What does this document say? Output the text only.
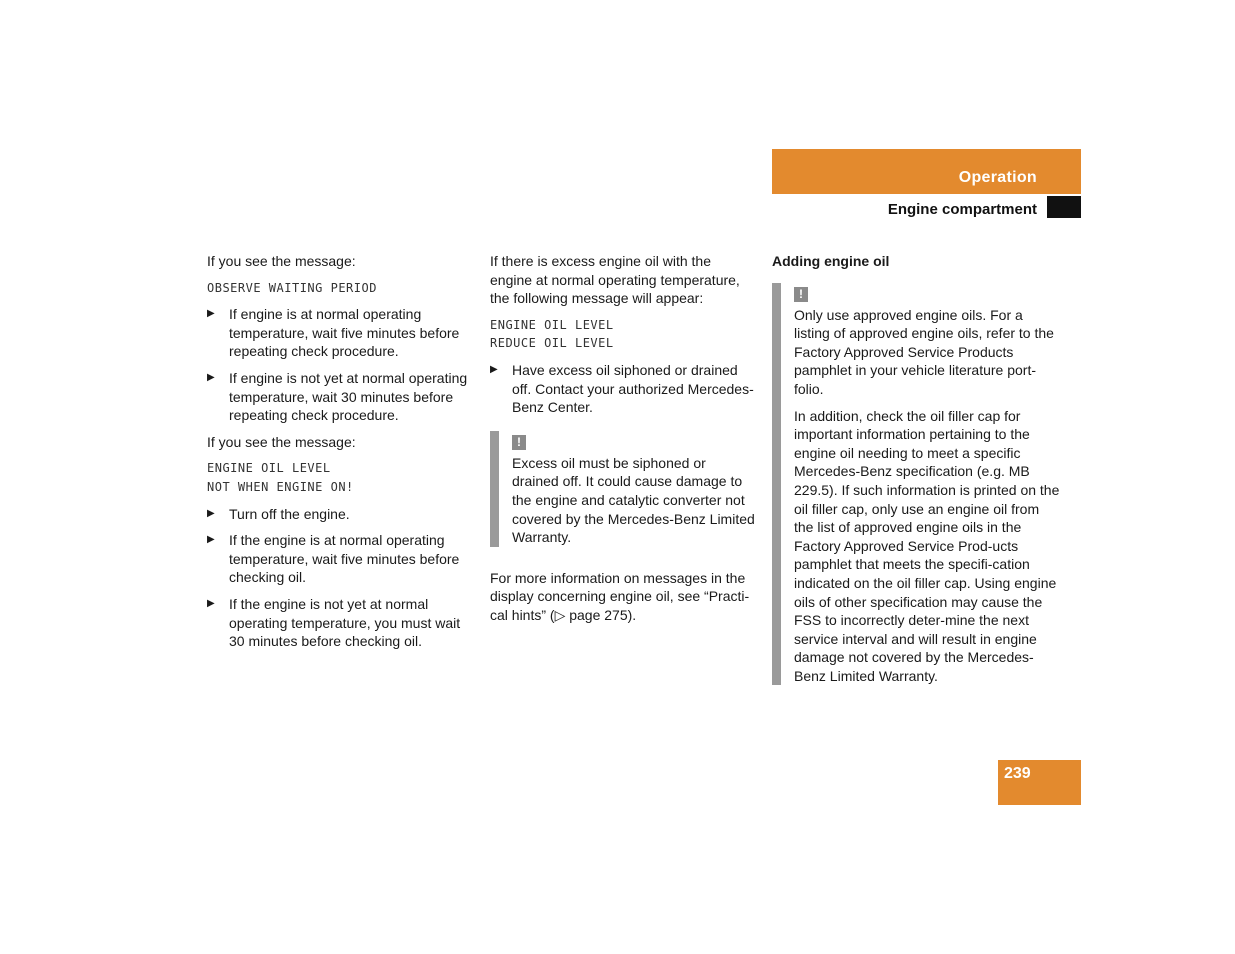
Operation
Engine compartment

If you see the message:

OBSERVE WAITING PERIOD

▶ If engine is at normal operating temperature, wait five minutes before repeating check procedure.
▶ If engine is not yet at normal operating temperature, wait 30 minutes before repeating check procedure.

If you see the message:

ENGINE OIL LEVEL
NOT WHEN ENGINE ON!
▶ Turn off the engine.
▶ If the engine is at normal operating temperature, wait five minutes before checking oil.
▶ If the engine is not yet at normal operating temperature, you must wait 30 minutes before checking oil.

If there is excess engine oil with the engine at normal operating temperature, the following message will appear:

ENGINE OIL LEVEL
REDUCE OIL LEVEL
▶ Have excess oil siphoned or drained off. Contact your authorized Mercedes-Benz Center.
!

Excess oil must be siphoned or drained off. It could cause damage to the engine and catalytic converter not covered by the Mercedes-Benz Limited Warranty.

For more information on messages in the display concerning engine oil, see “Practi-cal hints” (▷ page 275).

Adding engine oil

!

Only use approved engine oils. For a listing of approved engine oils, refer to the Factory Approved Service Products pamphlet in your vehicle literature port-folio.

In addition, check the oil filler cap for important information pertaining to the engine oil needing to meet a specific Mercedes-Benz specification (e.g. MB 229.5). If such information is printed on the oil filler cap, only use an engine oil from the list of approved engine oils in the Factory Approved Service Prod-ucts pamphlet that meets the specifi-cation indicated on the oil filler cap. Using engine oils of other specification may cause the FSS to incorrectly deter-mine the next service interval and will result in engine damage not covered by the Mercedes-Benz Limited Warranty.

239
